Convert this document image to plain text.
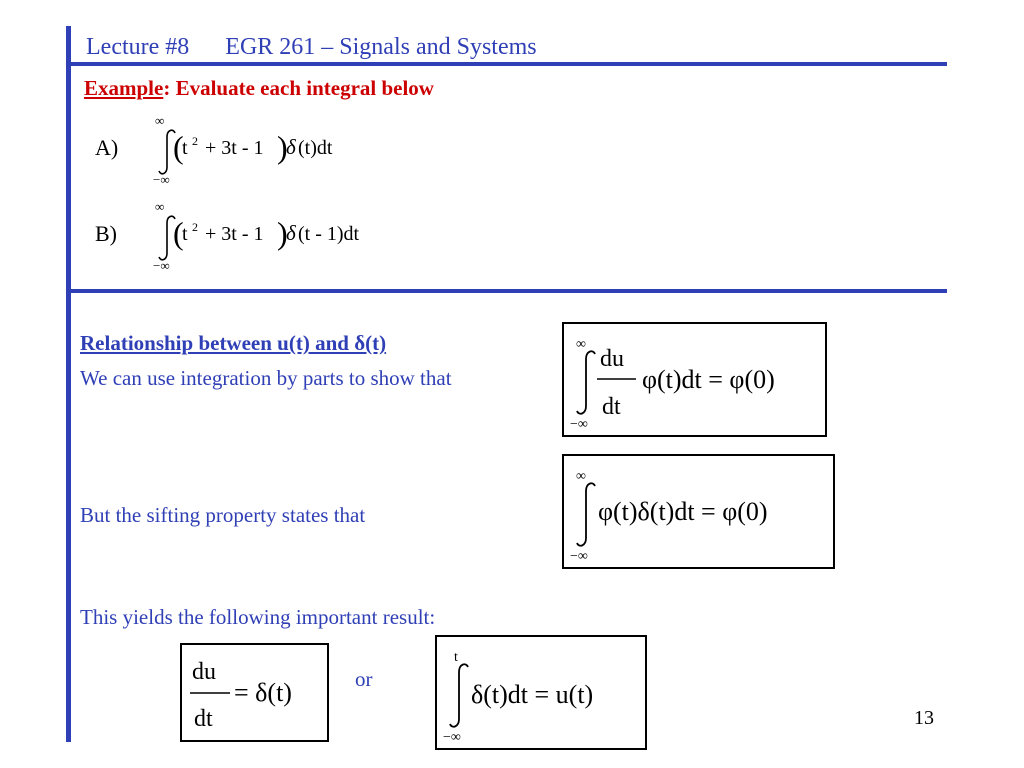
Lecture #8 EGR 261 – Signals and Systems
Example: Evaluate each integral below
A)
∞
−∞
(
t 2 + 3t - 1 )
δ (t)dt
B)
∞
−∞
(
t 2 + 3t - 1 )
δ (t - 1)dt
Relationship between u(t) and δ(t)
We can use integration by parts to show that
But the sifting property states that
This yields the following important result:
or
∞
−∞
du
dt
φ(t)dt = φ(0)
∞
−∞
φ(t)δ(t)dt = φ(0)
du
dt
= δ(t)
t
−∞
δ(t)dt = u(t)
13
